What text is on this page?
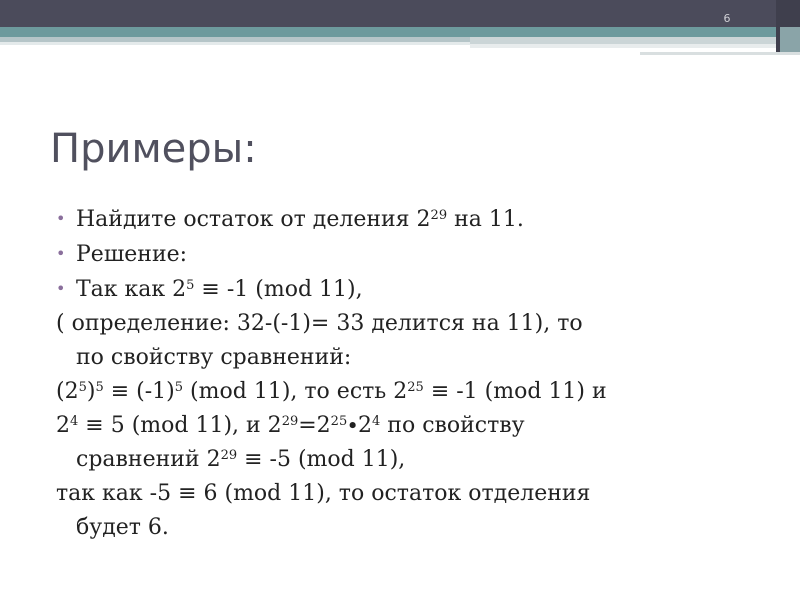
6
Примеры:
• Найдите остаток от деления $2^{29}$ на 11.
• Решение:
• Так как $2^5 \equiv -1$ (mod 11),
( определение: 32-(-1)= 33 делится на 11), то
по свойству сравнений:
$(2^5)^5 \equiv (-1)^5$ (mod 11), то есть $2^{25} \equiv -1$ (mod 11) и
$2^4 \equiv 5$ (mod 11), и $2^{29}=2^{25}\cdot 2^4$ по свойству
сравнений $2^{29} \equiv -5$ (mod 11),
так как -5 ≡ 6 (mod 11), то остаток отделения
будет 6.
